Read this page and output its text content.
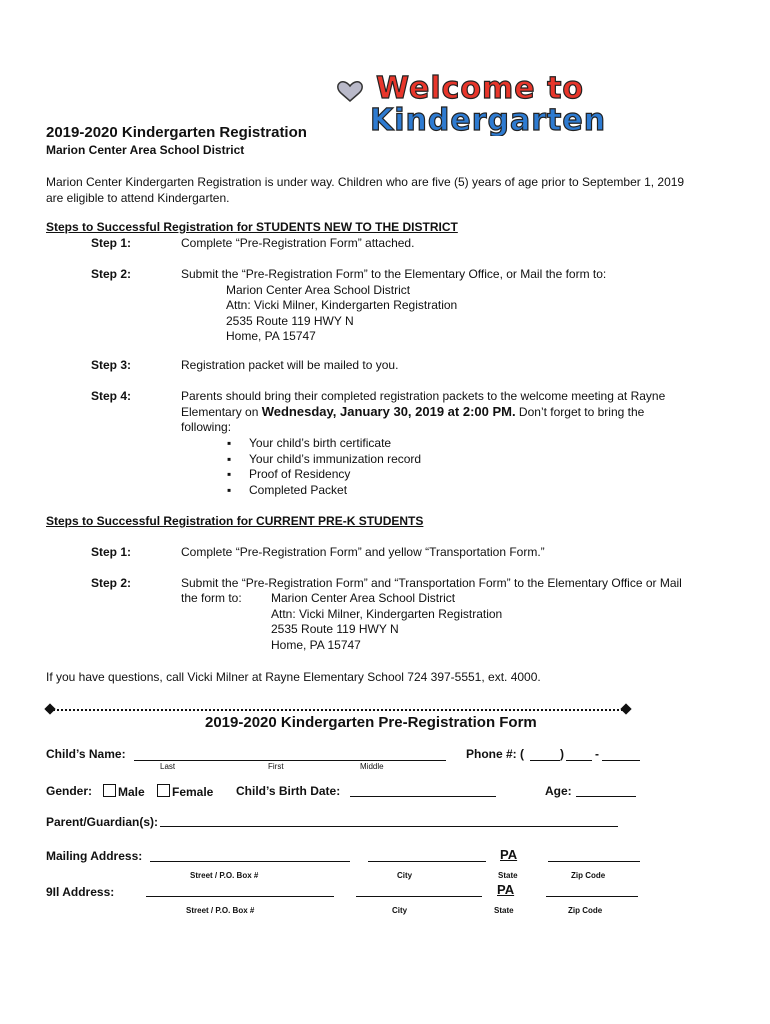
Welcome to
Kindergarten
2019-2020 Kindergarten Registration
Marion Center Area School District
Marion Center Kindergarten Registration is under way. Children who are five (5) years of age prior to September 1, 2019
are eligible to attend Kindergarten.
Steps to Successful Registration for STUDENTS NEW TO THE DISTRICT
Step 1:	Complete “Pre-Registration Form” attached.
Step 2:	Submit the “Pre-Registration Form” to the Elementary Office, or Mail the form to:
Marion Center Area School District
Attn: Vicki Milner, Kindergarten Registration
2535 Route 119 HWY N
Home, PA 15747
Step 3:	Registration packet will be mailed to you.
Step 4:	Parents should bring their completed registration packets to the welcome meeting at Rayne
Elementary on Wednesday, January 30, 2019 at 2:00 PM. Don’t forget to bring the
following:
▪ Your child’s birth certificate
▪ Your child’s immunization record
▪ Proof of Residency
▪ Completed Packet
Steps to Successful Registration for CURRENT PRE-K STUDENTS
Step 1:	Complete “Pre-Registration Form” and yellow “Transportation Form.”
Step 2:	Submit the “Pre-Registration Form” and “Transportation Form” to the Elementary Office or Mail
the form to: Marion Center Area School District
Attn: Vicki Milner, Kindergarten Registration
2535 Route 119 HWY N
Home, PA 15747
If you have questions, call Vicki Milner at Rayne Elementary School 724 397-5551, ext. 4000.
2019-2020 Kindergarten Pre-Registration Form
Child’s Name:
Last	First	Middle
Phone #: (	)	-
Gender:	Male	Female Child’s Birth Date:	Age:
Parent/Guardian(s):
Mailing Address:	PA
Street / P.O. Box #	City	State	Zip Code
9Il Address:	PA
Street / P.O. Box #	City	State	Zip Code
